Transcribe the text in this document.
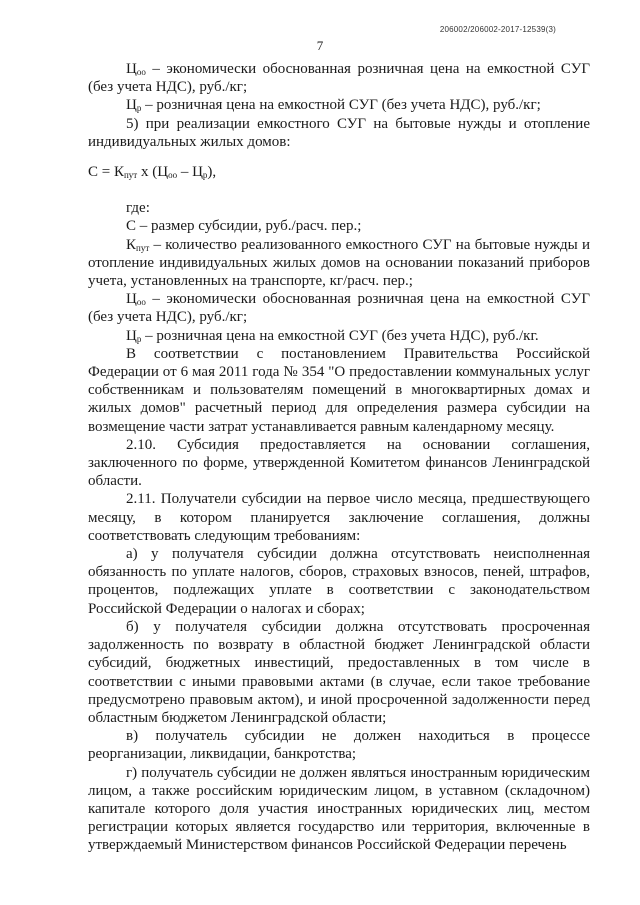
206002/206002-2017-12539(3)
7

$Ц_{оо}$ – экономически обоснованная розничная цена на емкостной СУГ (без учета НДС), руб./кг;

$Ц_р$ – розничная цена на емкостной СУГ (без учета НДС), руб./кг;

5) при реализации емкостного СУГ на бытовые нужды и отопление индивидуальных жилых домов:

$С = К_{пут}$ х $(Ц_{оо} - Ц_р)$,

где:

С – размер субсидии, руб./расч. пер.;

$К_{пут}$ – количество реализованного емкостного СУГ на бытовые нужды и отопление индивидуальных жилых домов на основании показаний приборов учета, установленных на транспорте, кг/расч. пер.;

$Ц_{оо}$ – экономически обоснованная розничная цена на емкостной СУГ (без учета НДС), руб./кг;

$Ц_р$ – розничная цена на емкостной СУГ (без учета НДС), руб./кг.

В соответствии с постановлением Правительства Российской Федерации от 6 мая 2011 года № 354 "О предоставлении коммунальных услуг собственникам и пользователям помещений в многоквартирных домах и жилых домов" расчетный период для определения размера субсидии на возмещение части затрат устанавливается равным календарному месяцу.

2.10. Субсидия предоставляется на основании соглашения, заключенного по форме, утвержденной Комитетом финансов Ленинградской области.

2.11. Получатели субсидии на первое число месяца, предшествующего месяцу, в котором планируется заключение соглашения, должны соответствовать следующим требованиям:

а) у получателя субсидии должна отсутствовать неисполненная обязанность по уплате налогов, сборов, страховых взносов, пеней, штрафов, процентов, подлежащих уплате в соответствии с законодательством Российской Федерации о налогах и сборах;

б) у получателя субсидии должна отсутствовать просроченная задолженность по возврату в областной бюджет Ленинградской области субсидий, бюджетных инвестиций, предоставленных в том числе в соответствии с иными правовыми актами (в случае, если такое требование предусмотрено правовым актом), и иной просроченной задолженности перед областным бюджетом Ленинградской области;

в) получатель субсидии не должен находиться в процессе реорганизации, ликвидации, банкротства;

г) получатель субсидии не должен являться иностранным юридическим лицом, а также российским юридическим лицом, в уставном (складочном) капитале которого доля участия иностранных юридических лиц, местом регистрации которых является государство или территория, включенные в утверждаемый Министерством финансов Российской Федерации перечень
